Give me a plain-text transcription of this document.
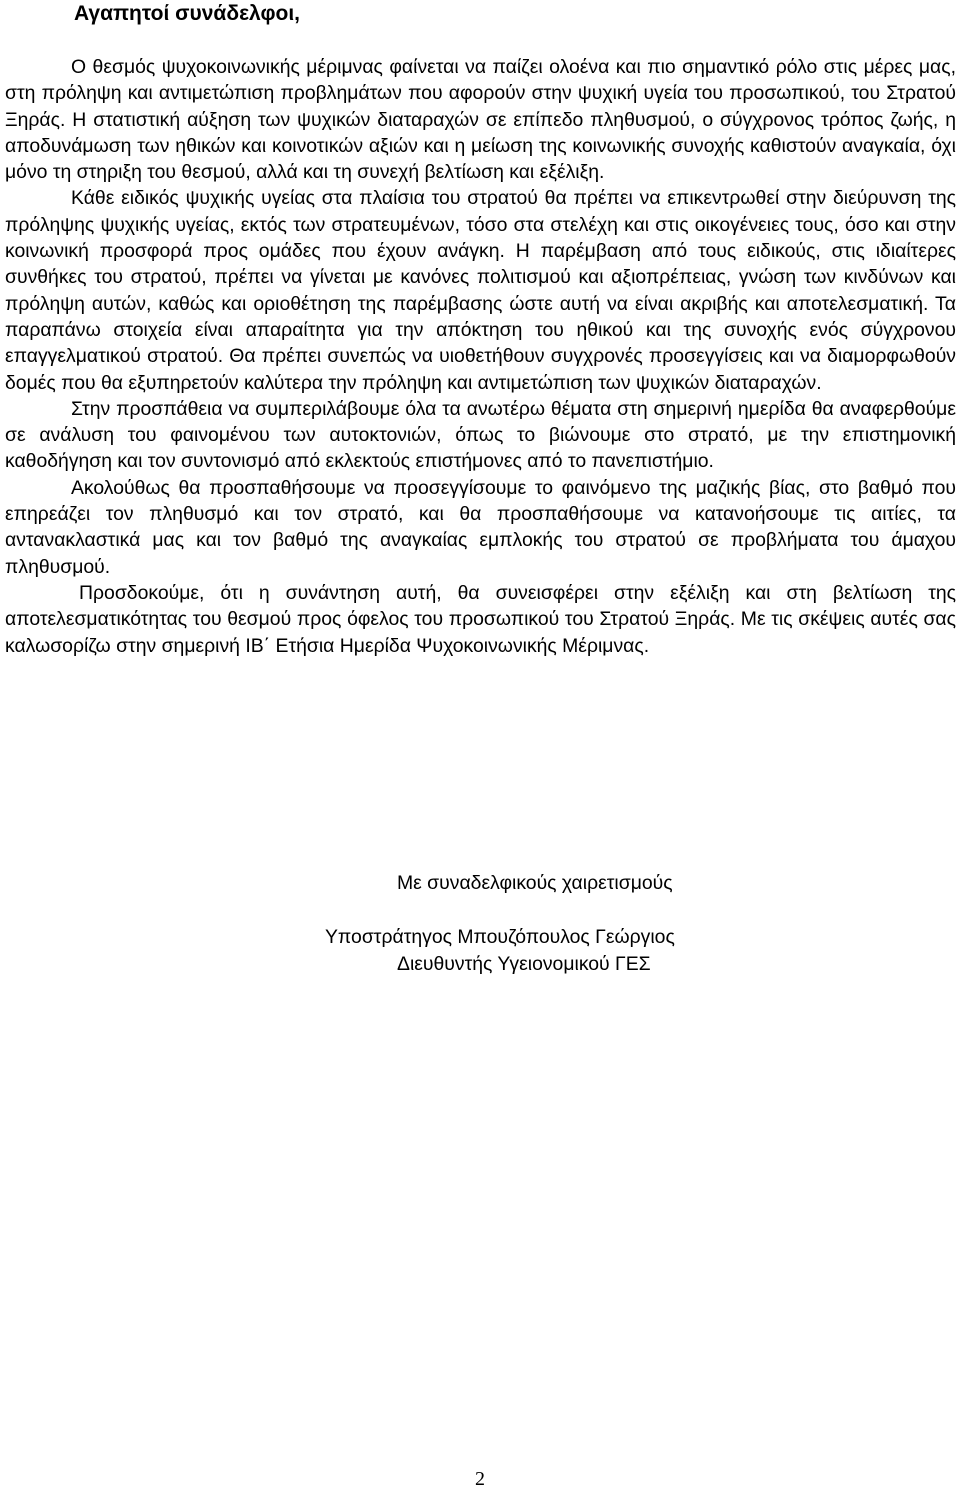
Αγαπητοί συνάδελφοι,

Ο θεσμός ψυχοκοινωνικής μέριμνας φαίνεται να παίζει ολοένα και πιο σημαντικό ρόλο στις μέρες μας, στη πρόληψη και αντιμετώπιση προβλημάτων που αφορούν στην ψυχική υγεία του προσωπικού, του Στρατού Ξηράς. Η στατιστική αύξηση των ψυχικών διαταραχών σε επίπεδο πληθυσμού, ο σύγχρονος τρόπος ζωής, η αποδυνάμωση των ηθικών και κοινοτικών αξιών και η μείωση της κοινωνικής συνοχής καθιστούν αναγκαία, όχι μόνο τη στηριξη του θεσμού, αλλά και τη συνεχή βελτίωση και εξέλιξη.

Κάθε ειδικός ψυχικής υγείας στα πλαίσια του στρατού θα πρέπει να επικεντρωθεί στην διεύρυνση της πρόληψης ψυχικής υγείας, εκτός των στρατευμένων, τόσο στα στελέχη και στις οικογένειες τους, όσο και στην κοινωνική προσφορά προς ομάδες που έχουν ανάγκη. Η παρέμβαση από τους ειδικούς, στις ιδιαίτερες συνθήκες του στρατού, πρέπει να γίνεται με κανόνες πολιτισμού και αξιοπρέπειας, γνώση των κινδύνων και πρόληψη αυτών, καθώς και οριοθέτηση της παρέμβασης ώστε αυτή να είναι ακριβής και αποτελεσματική. Τα παραπάνω στοιχεία είναι απαραίτητα για την απόκτηση του ηθικού και της συνοχής ενός σύγχρονου επαγγελματικού στρατού. Θα πρέπει συνεπώς να υιοθετήθουν συγχρονές προσεγγίσεις και να διαμορφωθούν δομές που θα εξυπηρετούν καλύτερα την πρόληψη και αντιμετώπιση των ψυχικών διαταραχών.

Στην προσπάθεια να συμπεριλάβουμε όλα τα ανωτέρω θέματα στη σημερινή ημερίδα θα αναφερθούμε σε ανάλυση του φαινομένου των αυτοκτονιών, όπως το βιώνουμε στο στρατό, με την επιστημονική καθοδήγηση και τον συντονισμό από εκλεκτούς επιστήμονες από το πανεπιστήμιο.

Ακολούθως θα προσπαθήσουμε να προσεγγίσουμε το φαινόμενο της μαζικής βίας, στο βαθμό που επηρεάζει τον πληθυσμό και τον στρατό, και θα προσπαθήσουμε να κατανοήσουμε τις αιτίες, τα αντανακλαστικά μας και τον βαθμό της αναγκαίας εμπλοκής του στρατού σε προβλήματα του άμαχου πληθυσμού.

Προσδοκούμε, ότι η συνάντηση αυτή, θα συνεισφέρει στην εξέλιξη και στη βελτίωση της αποτελεσματικότητας του θεσμού προς όφελος του προσωπικού του Στρατού Ξηράς. Με τις σκέψεις αυτές σας καλωσορίζω στην σημερινή ΙΒ΄ Ετήσια Ημερίδα Ψυχοκοινωνικής Μέριμνας.

Με συναδελφικούς χαιρετισμούς
Υποστράτηγος Μπουζόπουλος Γεώργιος
Διευθυντής Υγειονομικού ΓΕΣ
2
